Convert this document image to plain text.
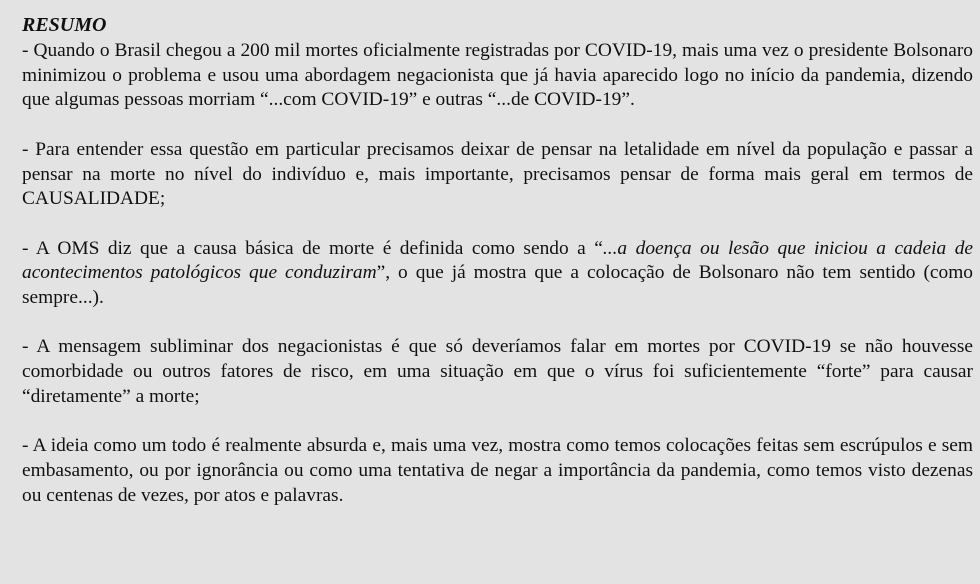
RESUMO

- Quando o Brasil chegou a 200 mil mortes oficialmente registradas por COVID-19, mais uma vez o presidente Bolsonaro minimizou o problema e usou uma abordagem negacionista que já havia aparecido logo no início da pandemia, dizendo que algumas pessoas morriam “...com COVID-19” e outras “...de COVID-19”.

- Para entender essa questão em particular precisamos deixar de pensar na letalidade em nível da população e passar a pensar na morte no nível do indivíduo e, mais importante, precisamos pensar de forma mais geral em termos de CAUSALIDADE;

- A OMS diz que a causa básica de morte é definida como sendo a “...a doença ou lesão que iniciou a cadeia de acontecimentos patológicos que conduziram”, o que já mostra que a colocação de Bolsonaro não tem sentido (como sempre...).

- A mensagem subliminar dos negacionistas é que só deveríamos falar em mortes por COVID-19 se não houvesse comorbidade ou outros fatores de risco, em uma situação em que o vírus foi suficientemente “forte” para causar “diretamente” a morte;

- A ideia como um todo é realmente absurda e, mais uma vez, mostra como temos colocações feitas sem escrúpulos e sem embasamento, ou por ignorância ou como uma tentativa de negar a importância da pandemia, como temos visto dezenas ou centenas de vezes, por atos e palavras.
